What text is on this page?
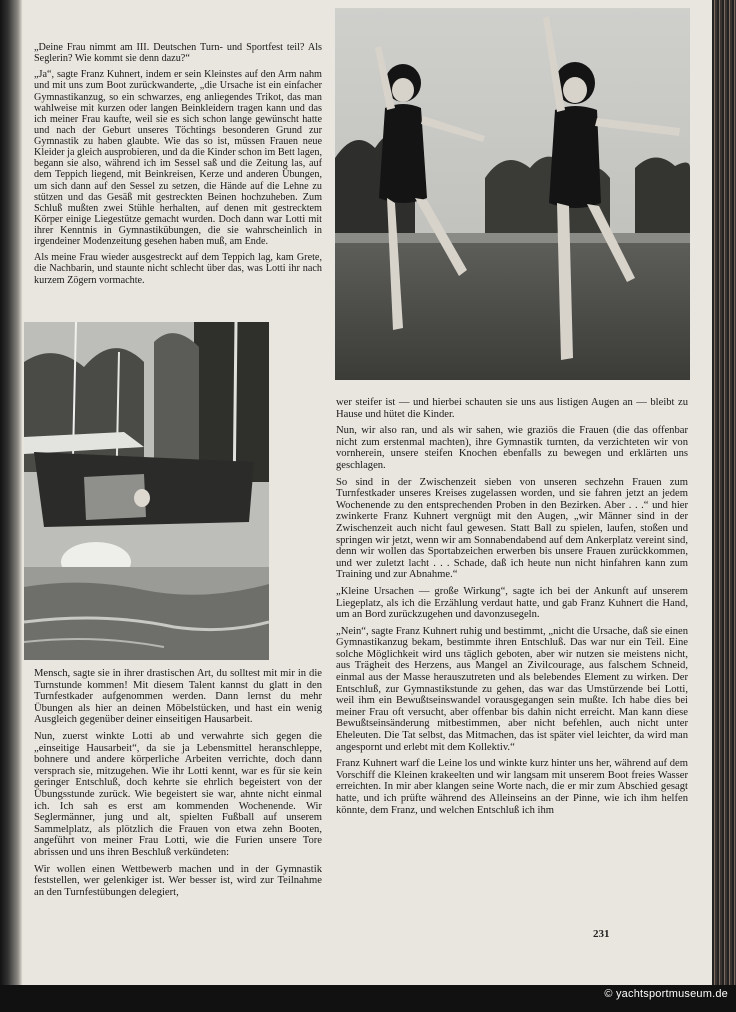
„Deine Frau nimmt am III. Deutschen Turn- und Sportfest teil? Als Seglerin? Wie kommt sie denn dazu?“

„Ja“, sagte Franz Kuhnert, indem er sein Kleinstes auf den Arm nahm und mit uns zum Boot zurückwanderte, „die Ursache ist ein einfacher Gymnastikanzug, so ein schwarzes, eng anliegendes Trikot, das man wahlweise mit kurzen oder langen Beinkleidern tragen kann und das ich meiner Frau kaufte, weil sie es sich schon lange gewünscht hatte und nach der Geburt unseres Töchtings besonderen Grund zur Gymnastik zu haben glaubte. Wie das so ist, müssen Frauen neue Kleider ja gleich ausprobieren, und da die Kinder schon im Bett lagen, begann sie also, während ich im Sessel saß und die Zeitung las, auf dem Teppich liegend, mit Beinkreisen, Kerze und anderen Übungen, um sich dann auf den Sessel zu setzen, die Hände auf die Lehne zu stützen und das Gesäß mit gestreckten Beinen hochzuheben. Zum Schluß mußten zwei Stühle herhalten, auf denen mit gestrecktem Körper einige Liegestütze gemacht wurden. Doch dann war Lotti mit ihrer Kenntnis in Gymnastikübungen, die sie wahrscheinlich in irgendeiner Modenzeitung gesehen haben muß, am Ende.

Als meine Frau wieder ausgestreckt auf dem Teppich lag, kam Grete, die Nachbarin, und staunte nicht schlecht über das, was Lotti ihr nach kurzem Zögern vormachte.

Mensch, sagte sie in ihrer drastischen Art, du solltest mit mir in die Turnstunde kommen! Mit diesem Talent kannst du glatt in den Turnfestkader aufgenommen werden. Dann lernst du mehr Übungen als hier an deinen Möbelstücken, und hast ein wenig Ausgleich gegenüber deiner einseitigen Hausarbeit.

Nun, zuerst winkte Lotti ab und verwahrte sich gegen die „einseitige Hausarbeit“, da sie ja Lebensmittel heranschleppe, bohnere und andere körperliche Arbeiten verrichte, doch dann versprach sie, mitzugehen. Wie ihr Lotti kennt, war es für sie kein geringer Entschluß, doch kehrte sie ehrlich begeistert von der Übungsstunde zurück. Wie begeistert sie war, ahnte nicht einmal ich. Ich sah es erst am kommenden Wochenende. Wir Seglermänner, jung und alt, spielten Fußball auf unserem Sammelplatz, als plötzlich die Frauen von etwa zehn Booten, angeführt von meiner Frau Lotti, wie die Furien unsere Tore abrissen und uns ihren Beschluß verkündeten:

Wir wollen einen Wettbewerb machen und in der Gymnastik feststellen, wer gelenkiger ist. Wer besser ist, wird zur Teilnahme an den Turnfestübungen delegiert,

wer steifer ist — und hierbei schauten sie uns aus listigen Augen an — bleibt zu Hause und hütet die Kinder.

Nun, wir also ran, und als wir sahen, wie graziös die Frauen (die das offenbar nicht zum erstenmal machten), ihre Gymnastik turnten, da verzichteten wir von vornherein, unsere steifen Knochen ebenfalls zu bewegen und erklärten uns geschlagen.

So sind in der Zwischenzeit sieben von unseren sechzehn Frauen zum Turnfestkader unseres Kreises zugelassen worden, und sie fahren jetzt an jedem Wochenende zu den entsprechenden Proben in den Bezirken. Aber . . .“ und hier zwinkerte Franz Kuhnert vergnügt mit den Augen, „wir Männer sind in der Zwischenzeit auch nicht faul gewesen. Statt Ball zu spielen, laufen, stoßen und springen wir jetzt, wenn wir am Sonnabendabend auf dem Ankerplatz vereint sind, denn wir wollen das Sportabzeichen erwerben bis unsere Frauen zurückkommen, und wer zuletzt lacht . . . Schade, daß ich heute nun nicht hinfahren kann zum Training und zur Abnahme.“

„Kleine Ursachen — große Wirkung“, sagte ich bei der Ankunft auf unserem Liegeplatz, als ich die Erzählung verdaut hatte, und gab Franz Kuhnert die Hand, um an Bord zurückzugehen und davonzusegeln.

„Nein“, sagte Franz Kuhnert ruhig und bestimmt, „nicht die Ursache, daß sie einen Gymnastikanzug bekam, bestimmte ihren Entschluß. Das war nur ein Teil. Eine solche Möglichkeit wird uns täglich geboten, aber wir nutzen sie meistens nicht, aus Trägheit des Herzens, aus Mangel an Zivilcourage, aus falschem Schneid, einmal aus der Masse herauszutreten und als belebendes Element zu wirken. Der Entschluß, zur Gymnastikstunde zu gehen, das war das Umstürzende bei Lotti, weil ihm ein Bewußtseinswandel vorausgegangen sein mußte. Ich habe dies bei meiner Frau oft versucht, aber offenbar bis dahin nicht erreicht. Man kann diese Bewußtseinsänderung mitbestimmen, aber nicht befehlen, auch nicht unter Eheleuten. Die Tat selbst, das Mitmachen, das ist später viel leichter, da wird man angespornt und erlebt mit dem Kollektiv.“

Franz Kuhnert warf die Leine los und winkte kurz hinter uns her, während auf dem Vorschiff die Kleinen krakeelten und wir langsam mit unserem Boot freies Wasser erreichten. In mir aber klangen seine Worte nach, die er mir zum Abschied gesagt hatte, und ich prüfte während des Alleinseins an der Pinne, wie ich ihm helfen könnte, dem Franz, und welchen Entschluß ich ihm

231
© yachtsportmuseum.de
